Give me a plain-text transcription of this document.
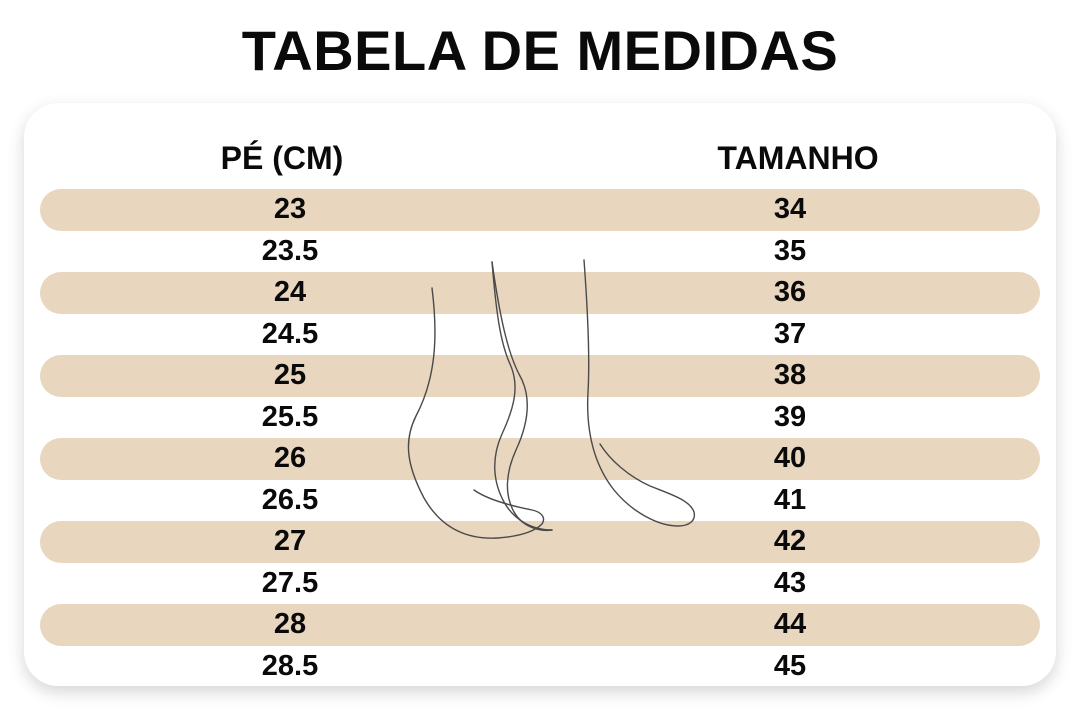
TABELA DE MEDIDAS
PÉ (CM)	TAMANHO
23	34
23.5	35
24	36
24.5	37
25	38
25.5	39
26	40
26.5	41
27	42
27.5	43
28	44
28.5	45
